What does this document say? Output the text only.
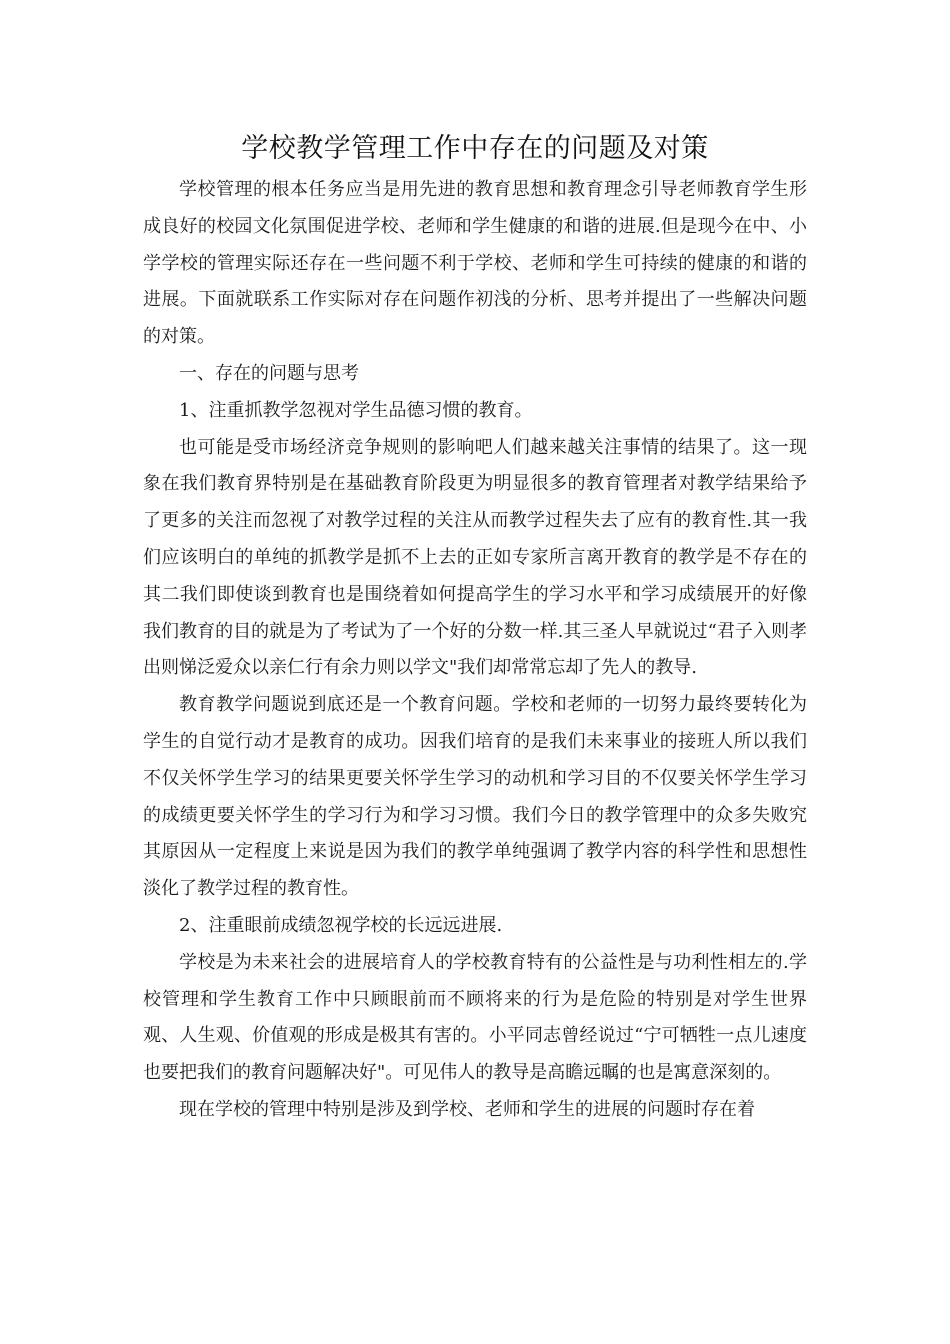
学校教学管理工作中存在的问题及对策

学校管理的根本任务应当是用先进的教育思想和教育理念引导老师教育学生形成良好的校园文化氛围促进学校、老师和学生健康的和谐的进展.但是现今在中、小学学校的管理实际还存在一些问题不利于学校、老师和学生可持续的健康的和谐的进展。下面就联系工作实际对存在问题作初浅的分析、思考并提出了一些解决问题的对策。

一、存在的问题与思考

1、注重抓教学忽视对学生品德习惯的教育。

也可能是受市场经济竞争规则的影响吧人们越来越关注事情的结果了。这一现象在我们教育界特别是在基础教育阶段更为明显很多的教育管理者对教学结果给予了更多的关注而忽视了对教学过程的关注从而教学过程失去了应有的教育性.其一我们应该明白的单纯的抓教学是抓不上去的正如专家所言离开教育的教学是不存在的其二我们即使谈到教育也是围绕着如何提高学生的学习水平和学习成绩展开的好像我们教育的目的就是为了考试为了一个好的分数一样.其三圣人早就说过“君子入则孝出则悌泛爱众以亲仁行有余力则以学文"我们却常常忘却了先人的教导.

教育教学问题说到底还是一个教育问题。学校和老师的一切努力最终要转化为学生的自觉行动才是教育的成功。因我们培育的是我们未来事业的接班人所以我们不仅关怀学生学习的结果更要关怀学生学习的动机和学习目的不仅要关怀学生学习的成绩更要关怀学生的学习行为和学习习惯。我们今日的教学管理中的众多失败究其原因从一定程度上来说是因为我们的教学单纯强调了教学内容的科学性和思想性淡化了教学过程的教育性。

2、注重眼前成绩忽视学校的长远远进展.

学校是为未来社会的进展培育人的学校教育特有的公益性是与功利性相左的.学校管理和学生教育工作中只顾眼前而不顾将来的行为是危险的特别是对学生世界观、人生观、价值观的形成是极其有害的。小平同志曾经说过“宁可牺牲一点儿速度也要把我们的教育问题解决好"。可见伟人的教导是高瞻远瞩的也是寓意深刻的。

现在学校的管理中特别是涉及到学校、老师和学生的进展的问题时存在着
